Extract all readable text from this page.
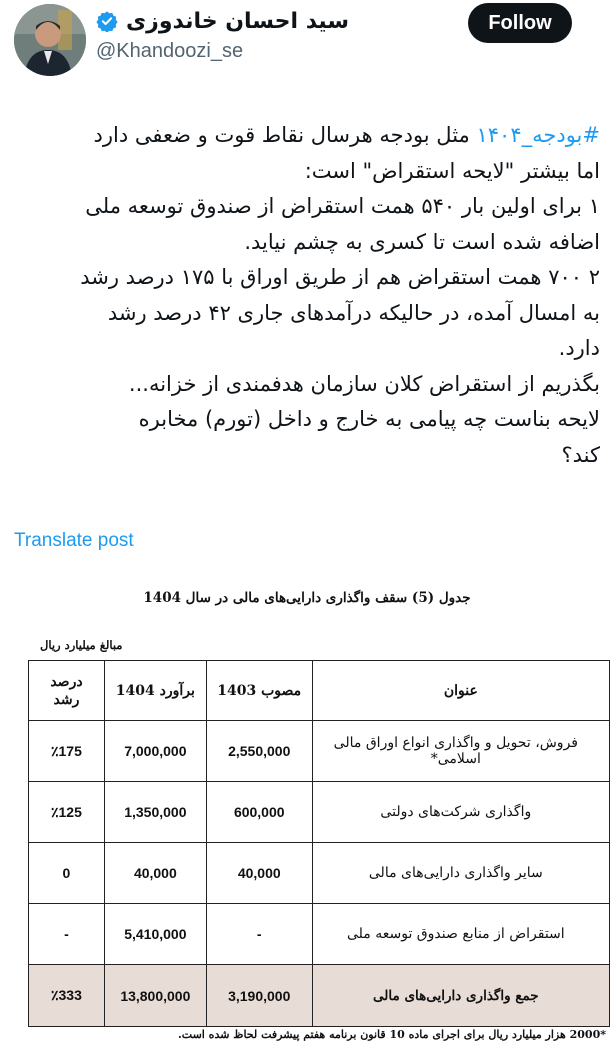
سید احسان خاندوزی
@Khandoozi_se
Follow
#بودجه_۱۴۰۴ مثل بودجه هرسال نقاط قوت و ضعفی دارد
اما بیشتر "لایحه استقراض" است:
۱ برای اولین بار ۵۴۰ همت استقراض از صندوق توسعه ملی
اضافه شده است تا کسری به چشم نیاید.
۲ ۷۰۰ همت استقراض هم از طریق اوراق با ۱۷۵ درصد رشد
به امسال آمده، در حالیکه درآمدهای جاری ۴۲ درصد رشد
دارد.
بگذریم از استقراض کلان سازمان هدفمندی از خزانه...
لایحه بناست چه پیامی به خارج و داخل (تورم) مخابره
کند؟
Translate post
جدول (5) سقف واگذاری دارایی‌های مالی در سال 1404
مبالغ میلیارد ریال
عنوان	مصوب 1403	برآورد 1404	درصد
رشد
فروش، تحویل و واگذاری انواع اوراق مالی اسلامی*	2,550,000	7,000,000	٪175
واگذاری شرکت‌های دولتی	600,000	1,350,000	٪125
سایر واگذاری دارایی‌های مالی	40,000	40,000	0
استقراض از منابع صندوق توسعه ملی	-	5,410,000	-
جمع واگذاری دارایی‌های مالی	3,190,000	13,800,000	٪333
*2000 هزار میلیارد ریال برای اجرای ماده 10 قانون برنامه هفتم پیشرفت لحاظ شده است.
